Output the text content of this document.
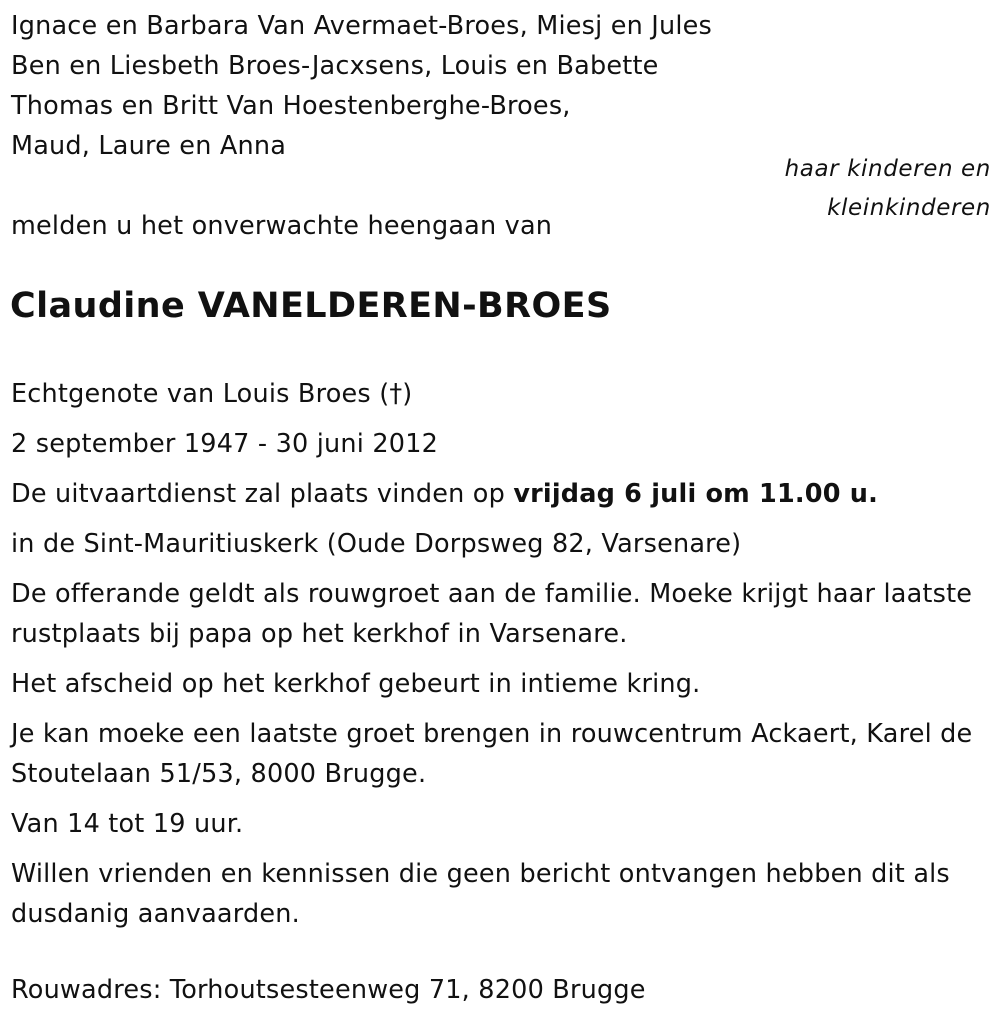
Ignace en Barbara Van Avermaet-Broes, Miesj en Jules
Ben en Liesbeth Broes-Jacxsens, Louis en Babette
Thomas en Britt Van Hoestenberghe-Broes,
Maud, Laure en Anna
haar kinderen en
kleinkinderen
melden u het onverwachte heengaan van
Claudine VANELDEREN-BROES

Echtgenote van Louis Broes (†)

2 september 1947 - 30 juni 2012

De uitvaartdienst zal plaats vinden op vrijdag 6 juli om 11.00 u.

in de Sint-Mauritiuskerk (Oude Dorpsweg 82, Varsenare)

De offerande geldt als rouwgroet aan de familie. Moeke krijgt haar laatste rustplaats bij papa op het kerkhof in Varsenare.

Het afscheid op het kerkhof gebeurt in intieme kring.

Je kan moeke een laatste groet brengen in rouwcentrum Ackaert, Karel de Stoutelaan 51/53, 8000 Brugge.

Van 14 tot 19 uur.

Willen vrienden en kennissen die geen bericht ontvangen hebben dit als dusdanig aanvaarden.

Rouwadres: Torhoutsesteenweg 71, 8200 Brugge
